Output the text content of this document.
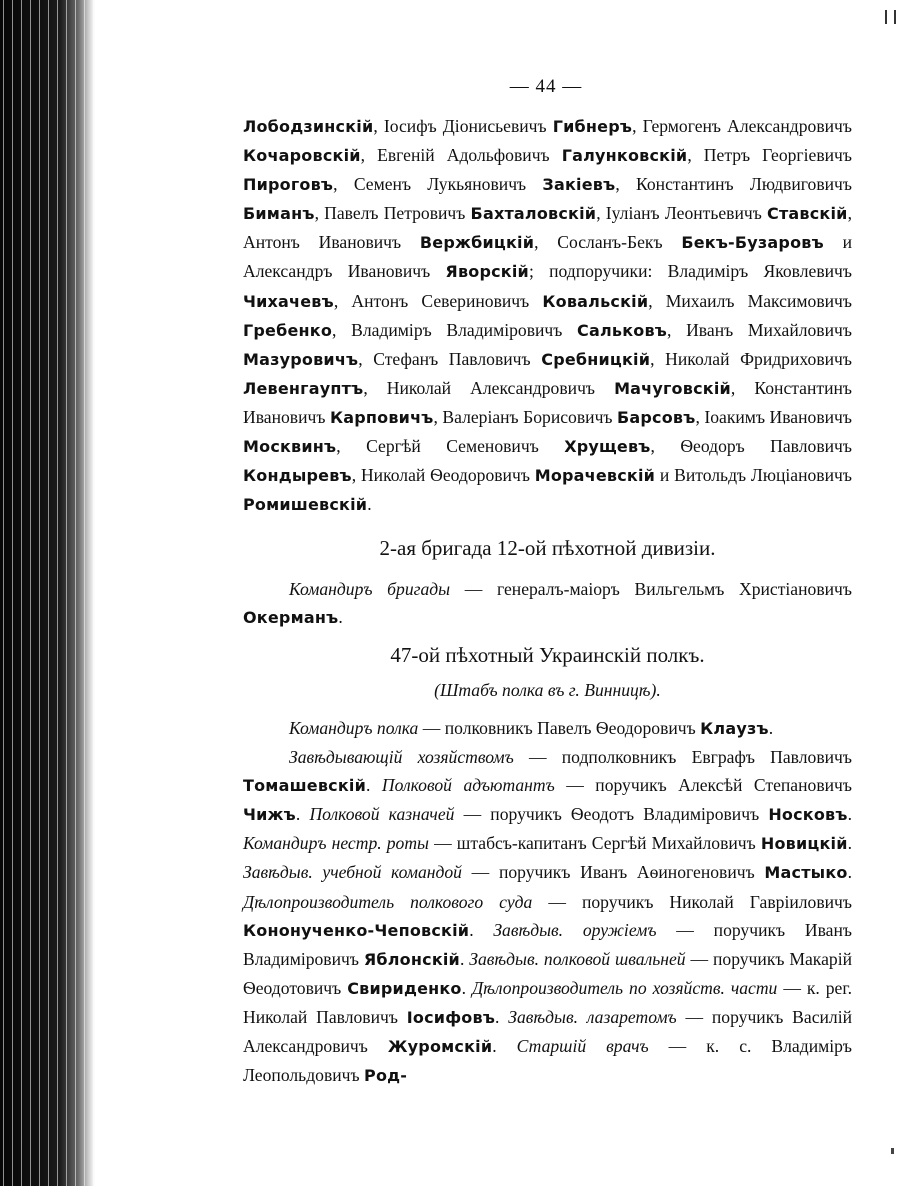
— 44 —

Лободзинскій, Іосифъ Діонисьевичъ Гибнеръ, Гермогенъ Александровичъ Кочаровскій, Евгеній Адольфовичъ Галунковскій, Петръ Георгіевичъ Пироговъ, Семенъ Лукьяновичъ Закіевъ, Константинъ Людвиговичъ Биманъ, Павелъ Петровичъ Бахталовскій, Іуліанъ Леонтьевичъ Ставскій, Антонъ Ивановичъ Вержбицкій, Сосланъ-Бекъ Бекъ-Бузаровъ и Александръ Ивановичъ Яворскій; подпоручики: Владиміръ Яковлевичъ Чихачевъ, Антонъ Севериновичъ Ковальскій, Михаилъ Максимовичъ Гребенко, Владиміръ Владиміровичъ Сальковъ, Иванъ Михайловичъ Мазуровичъ, Стефанъ Павловичъ Сребницкій, Николай Фридриховичъ Левенгауптъ, Николай Александровичъ Мачуговскій, Константинъ Ивановичъ Карповичъ, Валеріанъ Борисовичъ Барсовъ, Іоакимъ Ивановичъ Москвинъ, Сергѣй Семеновичъ Хрущевъ, Ѳеодоръ Павловичъ Кондыревъ, Николай Ѳеодоровичъ Морачевскій и Витольдъ Люціановичъ Ромишевскій.

2-ая бригада 12-ой пѣхотной дивизіи.

Командиръ бригады — генералъ-маіоръ Вильгельмъ Христіановичъ Окерманъ.

47-ой пѣхотный Украинскій полкъ.
(Штабъ полка въ г. Винницѣ).

Командиръ полка — полковникъ Павелъ Ѳеодоровичъ Клаузъ.

Завѣдывающій хозяйствомъ — подполковникъ Евграфъ Павловичъ Томашевскій. Полковой адъютантъ — поручикъ Алексѣй Степановичъ Чижъ. Полковой казначей — поручикъ Ѳеодотъ Владиміровичъ Носковъ. Командиръ нестр. роты — штабсъ-капитанъ Сергѣй Михайловичъ Новицкій. Завѣдыв. учебной командой — поручикъ Иванъ Аѳиногеновичъ Мастыко. Дѣлопроизводитель полкового суда — поручикъ Николай Гавріиловичъ Кононученко-Чеповскій. Завѣдыв. оружіемъ — поручикъ Иванъ Владиміровичъ Яблонскій. Завѣдыв. полковой швальней — поручикъ Макарій Ѳеодотовичъ Свириденко. Дѣлопроизводитель по хозяйств. части — к. рег. Николай Павловичъ Іосифовъ. Завѣдыв. лазаретомъ — поручикъ Василій Александровичъ Журомскій. Старшій врачъ — к. с. Владиміръ Леопольдовичъ Род-
